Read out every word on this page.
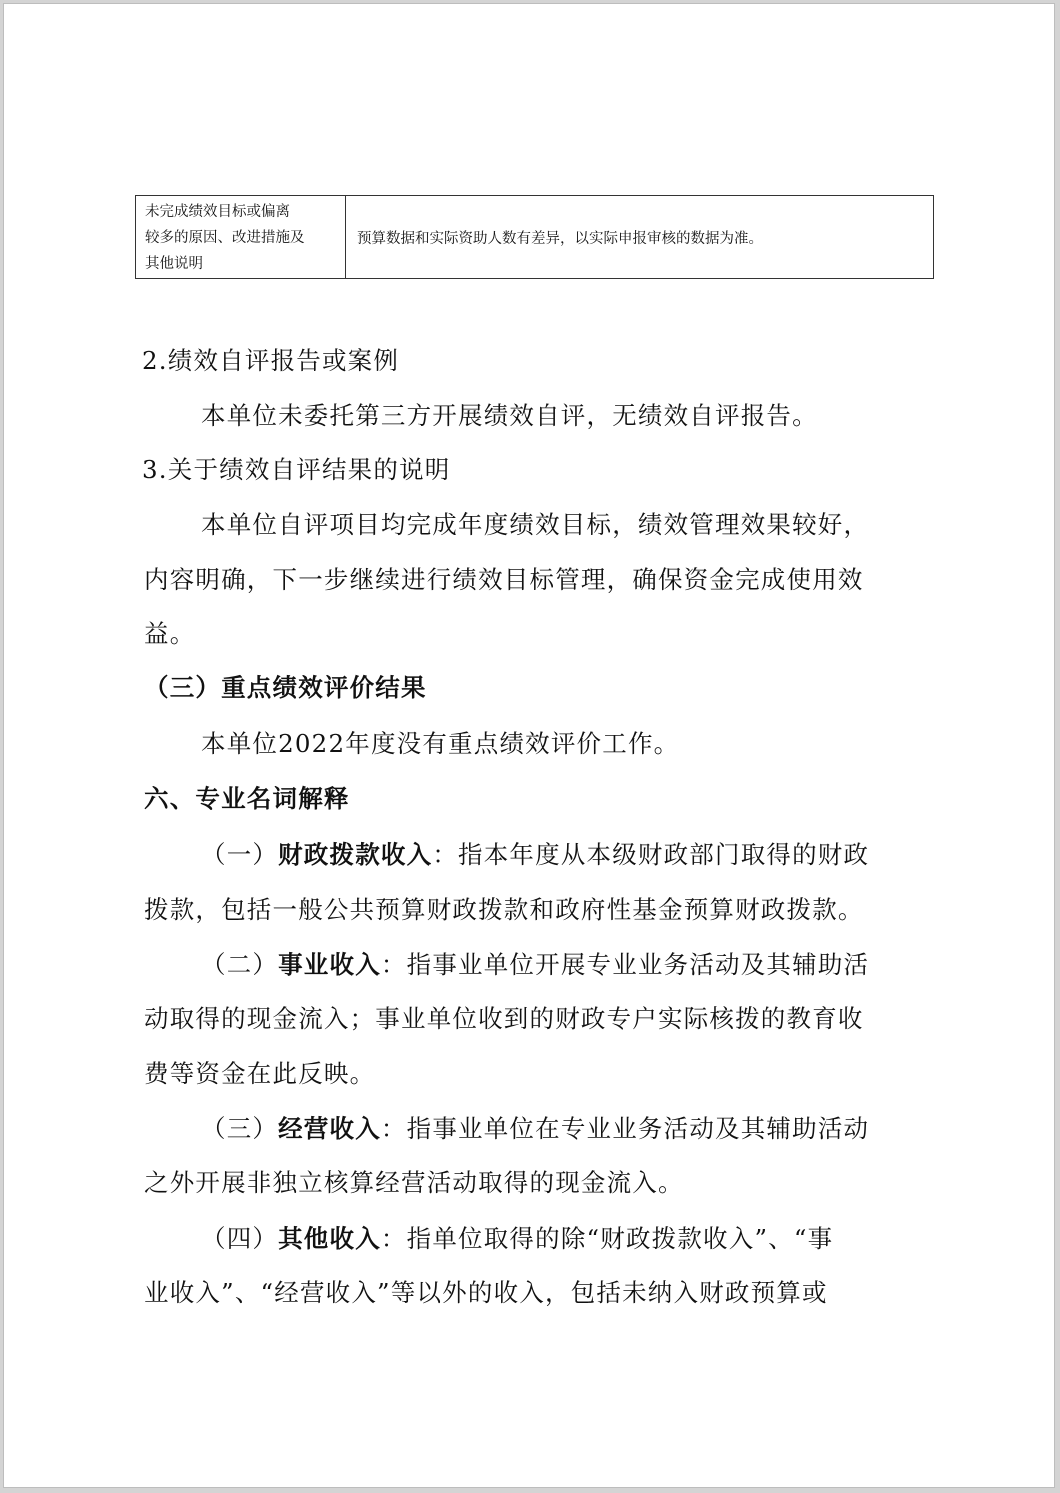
未完成绩效目标或偏离
较多的原因、改进措施及
其他说明
预算数据和实际资助人数有差异，以实际申报审核的数据为准。
2.绩效自评报告或案例
本单位未委托第三方开展绩效自评，无绩效自评报告。
3.关于绩效自评结果的说明
本单位自评项目均完成年度绩效目标，绩效管理效果较好，
内容明确，下一步继续进行绩效目标管理，确保资金完成使用效
益。
（三）重点绩效评价结果
本单位2022年度没有重点绩效评价工作。
六、专业名词解释
（一）财政拨款收入：指本年度从本级财政部门取得的财政
拨款，包括一般公共预算财政拨款和政府性基金预算财政拨款。
（二）事业收入：指事业单位开展专业业务活动及其辅助活
动取得的现金流入；事业单位收到的财政专户实际核拨的教育收
费等资金在此反映。
（三）经营收入：指事业单位在专业业务活动及其辅助活动
之外开展非独立核算经营活动取得的现金流入。
（四）其他收入：指单位取得的除“财政拨款收入”、“事
业收入”、“经营收入”等以外的收入，包括未纳入财政预算或
